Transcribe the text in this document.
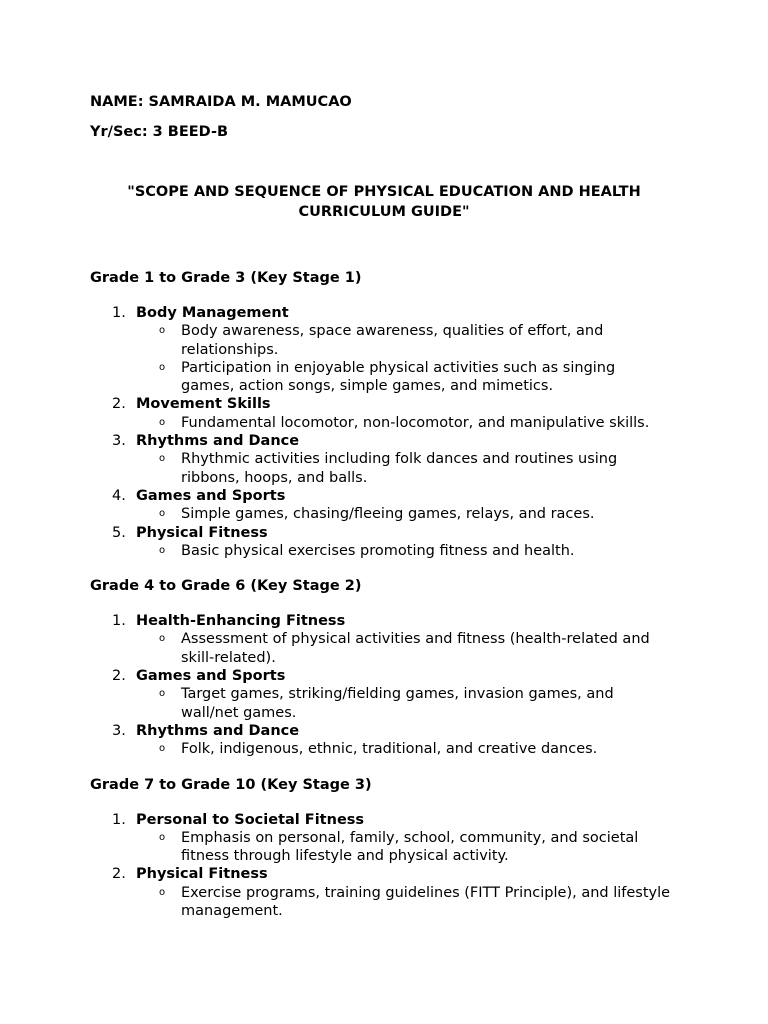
NAME: SAMRAIDA M. MAMUCAO

Yr/Sec: 3 BEED-B

"SCOPE AND SEQUENCE OF PHYSICAL EDUCATION AND HEALTH CURRICULUM GUIDE"

Grade 1 to Grade 3 (Key Stage 1)

1. Body Management
o Body awareness, space awareness, qualities of effort, and relationships.
o Participation in enjoyable physical activities such as singing games, action songs, simple games, and mimetics.
2. Movement Skills
o Fundamental locomotor, non-locomotor, and manipulative skills.
3. Rhythms and Dance
o Rhythmic activities including folk dances and routines using ribbons, hoops, and balls.
4. Games and Sports
o Simple games, chasing/fleeing games, relays, and races.
5. Physical Fitness
o Basic physical exercises promoting fitness and health.

Grade 4 to Grade 6 (Key Stage 2)

1. Health-Enhancing Fitness
o Assessment of physical activities and fitness (health-related and skill-related).
2. Games and Sports
o Target games, striking/fielding games, invasion games, and wall/net games.
3. Rhythms and Dance
o Folk, indigenous, ethnic, traditional, and creative dances.

Grade 7 to Grade 10 (Key Stage 3)

1. Personal to Societal Fitness
o Emphasis on personal, family, school, community, and societal fitness through lifestyle and physical activity.
2. Physical Fitness
o Exercise programs, training guidelines (FITT Principle), and lifestyle management.
